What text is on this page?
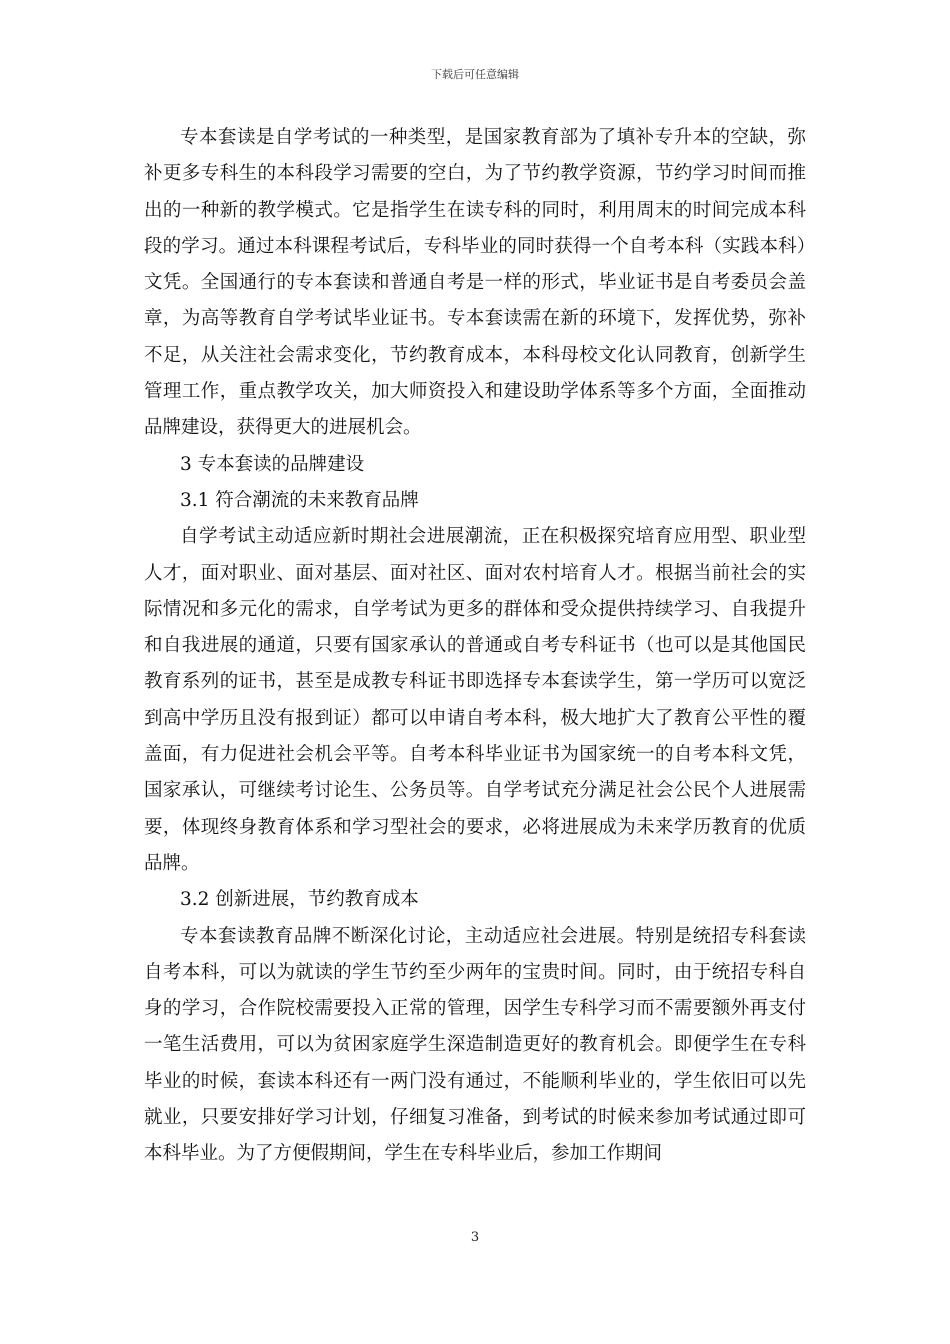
下载后可任意编辑

专本套读是自学考试的一种类型，是国家教育部为了填补专升本的空缺，弥补更多专科生的本科段学习需要的空白，为了节约教学资源，节约学习时间而推出的一种新的教学模式。它是指学生在读专科的同时，利用周末的时间完成本科段的学习。通过本科课程考试后，专科毕业的同时获得一个自考本科（实践本科）文凭。全国通行的专本套读和普通自考是一样的形式，毕业证书是自考委员会盖章，为高等教育自学考试毕业证书。专本套读需在新的环境下，发挥优势，弥补不足，从关注社会需求变化，节约教育成本，本科母校文化认同教育，创新学生管理工作，重点教学攻关，加大师资投入和建设助学体系等多个方面，全面推动品牌建设，获得更大的进展机会。

3 专本套读的品牌建设

3.1 符合潮流的未来教育品牌

自学考试主动适应新时期社会进展潮流，正在积极探究培育应用型、职业型人才，面对职业、面对基层、面对社区、面对农村培育人才。根据当前社会的实际情况和多元化的需求，自学考试为更多的群体和受众提供持续学习、自我提升和自我进展的通道，只要有国家承认的普通或自考专科证书（也可以是其他国民教育系列的证书，甚至是成教专科证书即选择专本套读学生，第一学历可以宽泛到高中学历且没有报到证）都可以申请自考本科，极大地扩大了教育公平性的覆盖面，有力促进社会机会平等。自考本科毕业证书为国家统一的自考本科文凭，国家承认，可继续考讨论生、公务员等。自学考试充分满足社会公民个人进展需要，体现终身教育体系和学习型社会的要求，必将进展成为未来学历教育的优质品牌。

3.2 创新进展，节约教育成本

专本套读教育品牌不断深化讨论，主动适应社会进展。特别是统招专科套读自考本科，可以为就读的学生节约至少两年的宝贵时间。同时，由于统招专科自身的学习，合作院校需要投入正常的管理，因学生专科学习而不需要额外再支付一笔生活费用，可以为贫困家庭学生深造制造更好的教育机会。即便学生在专科毕业的时候，套读本科还有一两门没有通过，不能顺利毕业的，学生依旧可以先就业，只要安排好学习计划，仔细复习准备，到考试的时候来参加考试通过即可本科毕业。为了方便假期间，学生在专科毕业后，参加工作期间

3
